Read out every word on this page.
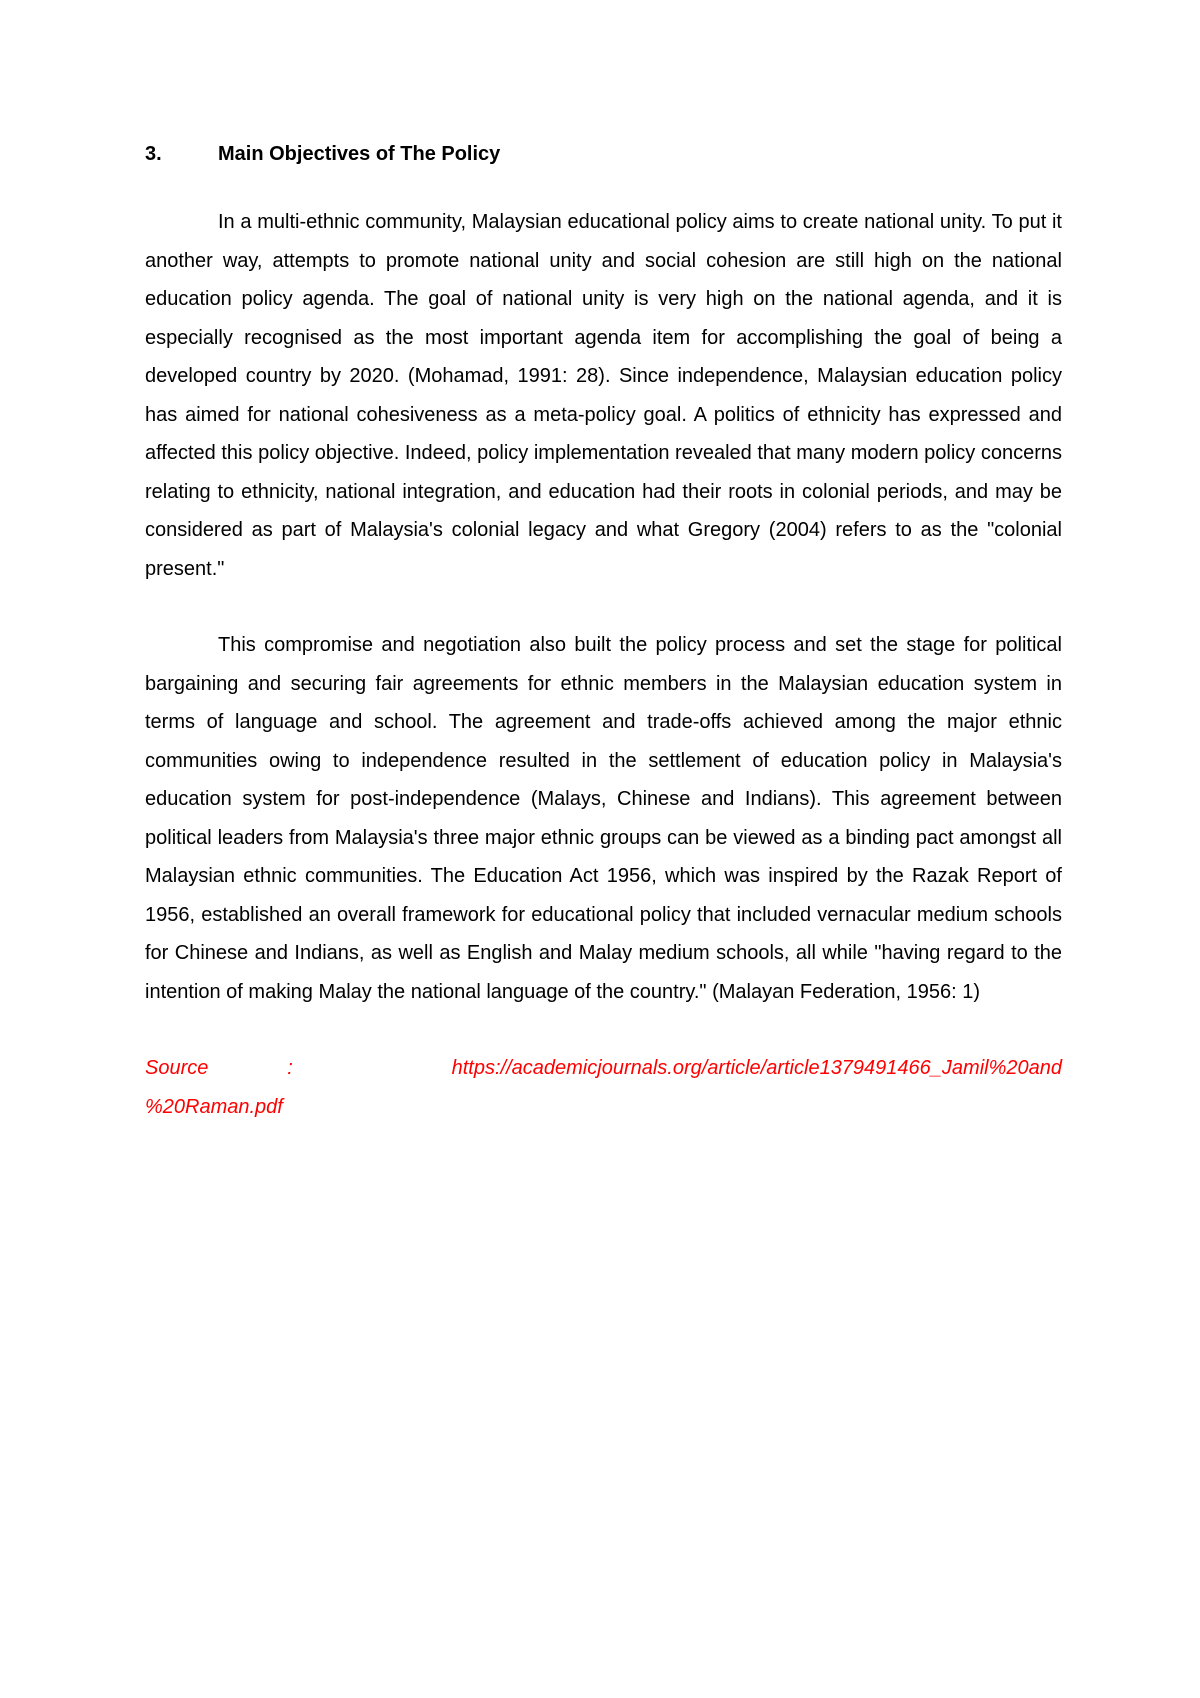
3.	Main Objectives of The Policy

In a multi-ethnic community, Malaysian educational policy aims to create national unity. To put it another way, attempts to promote national unity and social cohesion are still high on the national education policy agenda. The goal of national unity is very high on the national agenda, and it is especially recognised as the most important agenda item for accomplishing the goal of being a developed country by 2020. (Mohamad, 1991: 28). Since independence, Malaysian education policy has aimed for national cohesiveness as a meta-policy goal. A politics of ethnicity has expressed and affected this policy objective. Indeed, policy implementation revealed that many modern policy concerns relating to ethnicity, national integration, and education had their roots in colonial periods, and may be considered as part of Malaysia's colonial legacy and what Gregory (2004) refers to as the "colonial present."

This compromise and negotiation also built the policy process and set the stage for political bargaining and securing fair agreements for ethnic members in the Malaysian education system in terms of language and school. The agreement and trade-offs achieved among the major ethnic communities owing to independence resulted in the settlement of education policy in Malaysia's education system for post-independence (Malays, Chinese and Indians). This agreement between political leaders from Malaysia's three major ethnic groups can be viewed as a binding pact amongst all Malaysian ethnic communities. The Education Act 1956, which was inspired by the Razak Report of 1956, established an overall framework for educational policy that included vernacular medium schools for Chinese and Indians, as well as English and Malay medium schools, all while "having regard to the intention of making Malay the national language of the country." (Malayan Federation, 1956: 1)

Source	:	https://academicjournals.org/article/article1379491466_Jamil%20and
%20Raman.pdf
